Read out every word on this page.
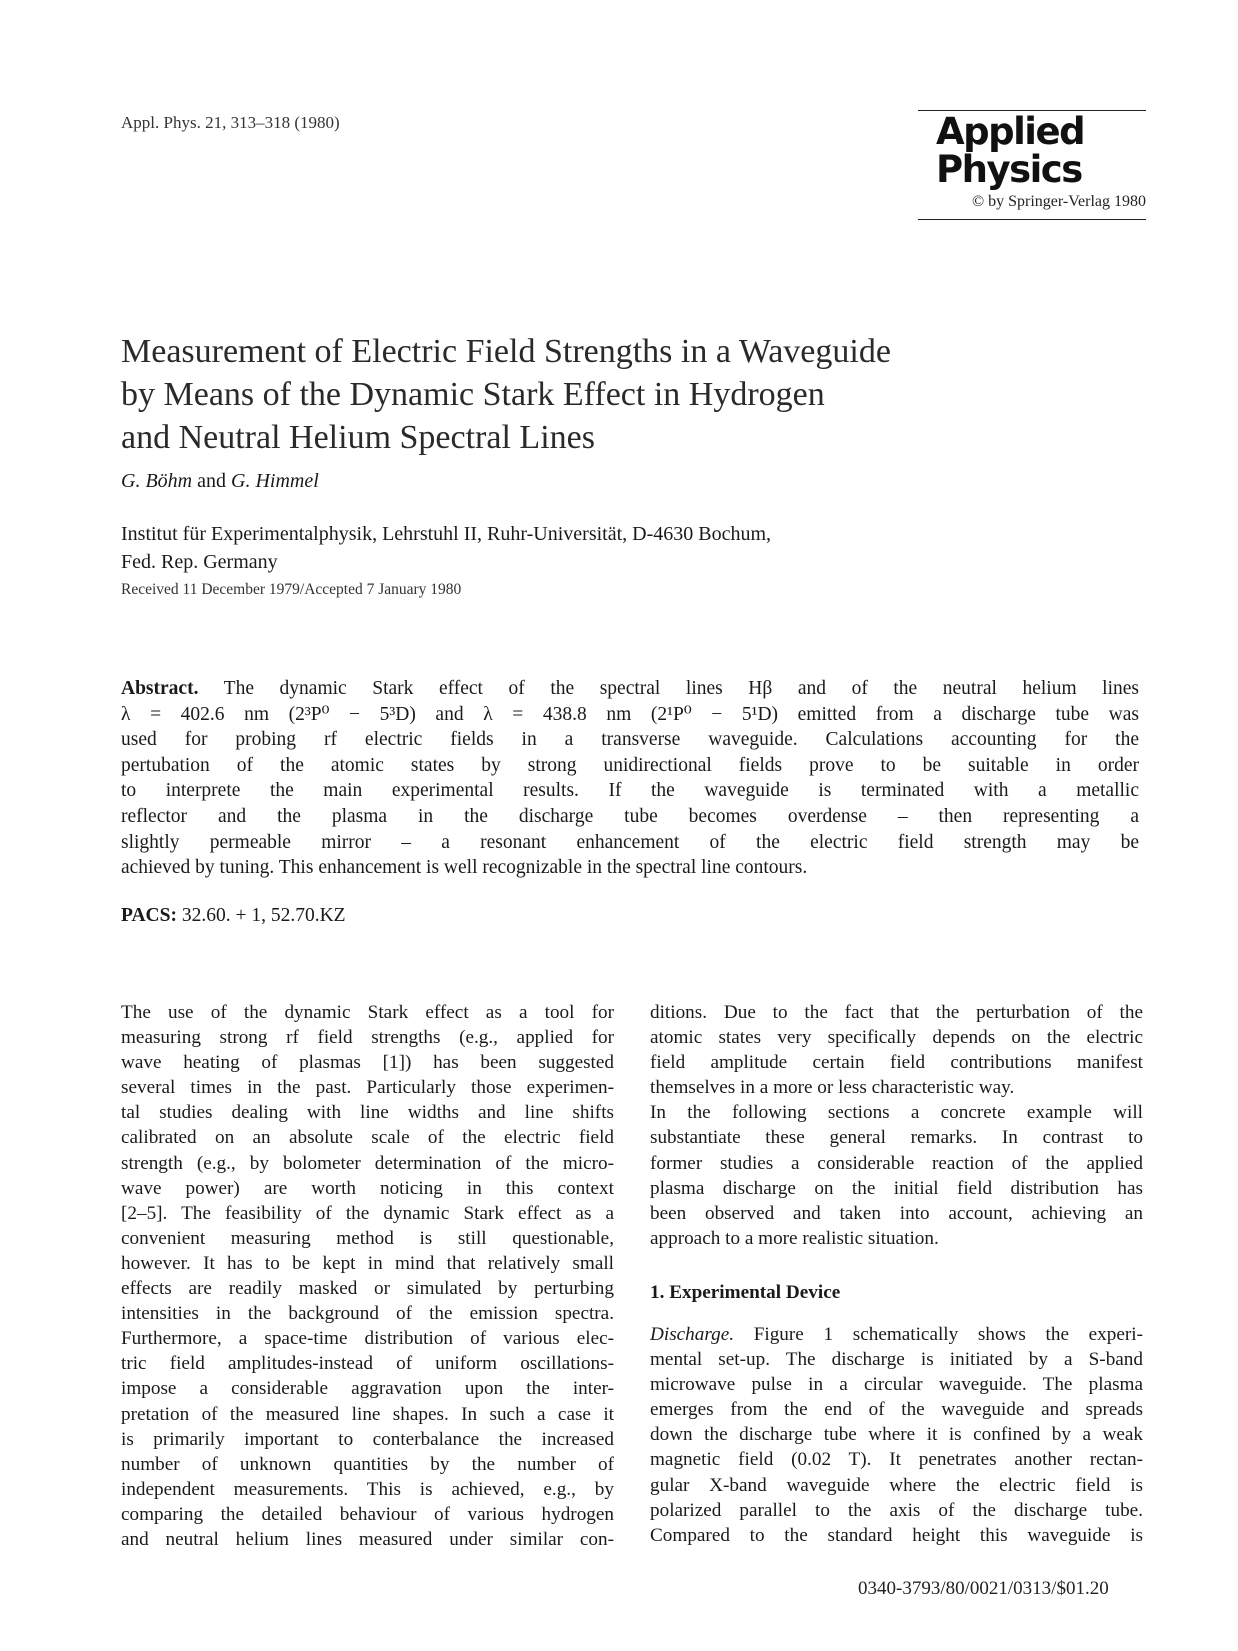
Appl. Phys. 21, 313–318 (1980)	Applied
Physics
© by Springer-Verlag 1980
Measurement of Electric Field Strengths in a Waveguide
by Means of the Dynamic Stark Effect in Hydrogen
and Neutral Helium Spectral Lines
G. Böhm and G. Himmel
Institut für Experimentalphysik, Lehrstuhl II, Ruhr-Universität, D-4630 Bochum,
Fed. Rep. Germany
Received 11 December 1979/Accepted 7 January 1980
Abstract. The dynamic Stark effect of the spectral lines Hβ and of the neutral helium lines
λ = 402.6 nm (2³P⁰ − 5³D) and λ = 438.8 nm (2¹P⁰ − 5¹D) emitted from a discharge tube was
used for probing rf electric fields in a transverse waveguide. Calculations accounting for the
pertubation of the atomic states by strong unidirectional fields prove to be suitable in order
to interprete the main experimental results. If the waveguide is terminated with a metallic
reflector and the plasma in the discharge tube becomes overdense – then representing a
slightly permeable mirror – a resonant enhancement of the electric field strength may be
achieved by tuning. This enhancement is well recognizable in the spectral line contours.
PACS: 32.60. + 1, 52.70.KZ
The use of the dynamic Stark effect as a tool for
measuring strong rf field strengths (e.g., applied for
wave heating of plasmas [1]) has been suggested
several times in the past. Particularly those experimen-
tal studies dealing with line widths and line shifts
calibrated on an absolute scale of the electric field
strength (e.g., by bolometer determination of the micro-
wave power) are worth noticing in this context
[2–5]. The feasibility of the dynamic Stark effect as a
convenient measuring method is still questionable,
however. It has to be kept in mind that relatively small
effects are readily masked or simulated by perturbing
intensities in the background of the emission spectra.
Furthermore, a space-time distribution of various elec-
tric field amplitudes-instead of uniform oscillations-
impose a considerable aggravation upon the inter-
pretation of the measured line shapes. In such a case it
is primarily important to conterbalance the increased
number of unknown quantities by the number of
independent measurements. This is achieved, e.g., by
comparing the detailed behaviour of various hydrogen
and neutral helium lines measured under similar con-
ditions. Due to the fact that the perturbation of the
atomic states very specifically depends on the electric
field amplitude certain field contributions manifest
themselves in a more or less characteristic way.
In the following sections a concrete example will
substantiate these general remarks. In contrast to
former studies a considerable reaction of the applied
plasma discharge on the initial field distribution has
been observed and taken into account, achieving an
approach to a more realistic situation.
1. Experimental Device
Discharge. Figure 1 schematically shows the experi-
mental set-up. The discharge is initiated by a S-band
microwave pulse in a circular waveguide. The plasma
emerges from the end of the waveguide and spreads
down the discharge tube where it is confined by a weak
magnetic field (0.02 T). It penetrates another rectan-
gular X-band waveguide where the electric field is
polarized parallel to the axis of the discharge tube.
Compared to the standard height this waveguide is
0340-3793/80/0021/0313/$01.20
